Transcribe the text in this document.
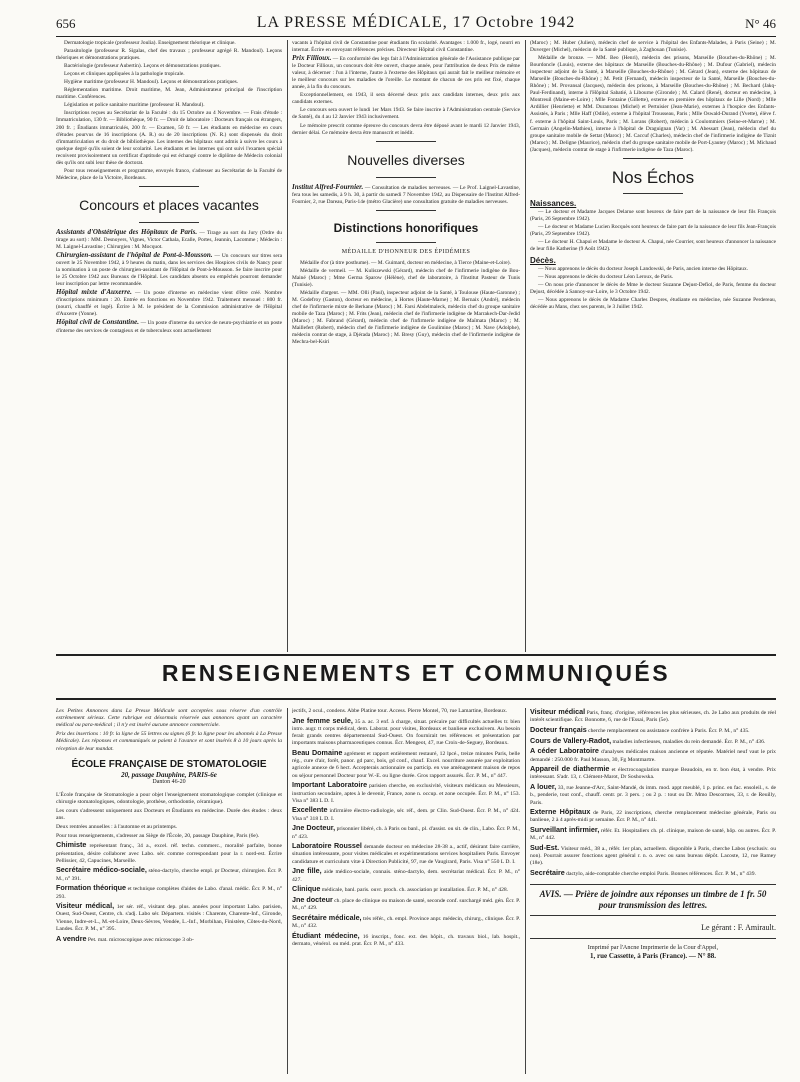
656	LA PRESSE MÉDICALE, 17 Octobre 1942	N° 46

Dermatologie tropicale (professeur Joulia). Enseignement théorique et clinique.

Parasitologie (professeur R. Sigalas, chef des travaux ; professeur agrégé R. Mandoul). Leçons théoriques et démonstrations pratiques.

Bactériologie (professeur Aubertin). Leçons et démonstrations pratiques.

Leçons et cliniques appliquées à la pathologie tropicale.

Hygiène maritime (professeur H. Mandoul). Leçons et démonstrations pratiques.

Réglementation maritime. Droit maritime, M. Jean, Administrateur principal de l'inscription maritime. Conférences.

Législation et police sanitaire maritime (professeur H. Mandoul).

Inscriptions reçues au Secrétariat de la Faculté : du 15 Octobre au 4 Novembre. — Frais d'étude : Immatriculation, 130 fr. — Bibliothèque, 90 fr. — Droit de laboratoire : Docteurs français ou étrangers, 200 fr. ; Étudiants immatriculés, 200 fr. — Examen, 50 fr. — Les étudiants en médecine en cours d'études pourvus de 16 inscriptions (A. R.) ou de 20 inscriptions (N. R.) sont dispensés du droit d'immatriculation et du droit de bibliothèque. Les internes des hôpitaux sont admis à suivre les cours à quelque degré qu'ils soient de leur scolarité. Les étudiants et les internes qui ont suivi l'examen spécial recoivent provisoirement un certificat d'aptitude qui est échangé contre le diplôme de Médecin colonial dès qu'ils ont subi leur thèse de doctorat.

Pour tous renseignements et programme, envoyés franco, s'adresser au Secrétariat de la Faculté de Médecine, place de la Victoire, Bordeaux.

Concours et places vacantes

Assistants d'Obstétrique des Hôpitaux de Paris. — Tirage au sort du Jury (Ordre du tirage au sort) : MM. Desnoyers, Vignes, Victor Cathala, Ecalle, Portes, Jeannin, Lacomme ; Médecin : M. Laignel-Lavastine ; Chirurgien : M. Mocquot.

Chirurgien-assistant de l'hôpital de Pont-à-Mousson. — Un concours sur titres sera ouvert le 25 Novembre 1942, à 9 heures du matin, dans les services des Hospices civils de Nancy pour la nomination à un poste de chirurgien-assistant de l'Hôpital de Pont-à-Mousson. Se faire inscrire pour le 25 Octobre 1942 aux Bureaux de l'Hôpital. Les candidats absents ou empêchés pourront demander leur inscription par lettre recommandée.

Hôpital mixte d'Auxerre. — Un poste d'interne en médecine vient d'être créé. Nombre d'inscriptions minimum : 20. Entrée en fonctions en Novembre 1942. Traitement mensuel : 800 fr. (nourri, chauffé et logé). Écrire à M. le président de la Commission administrative de l'Hôpital d'Auxerre (Yonne).

Hôpital civil de Constantine. — Un poste d'interne du service de neuro-psychiatrie et un poste d'interne des services de contagieux et de tuberculeux sont actuellement

vacants à l'hôpital civil de Constantine pour étudiants fin scolarité. Avantages : 1.000 fr., logé, nourri en internat. Écrire en envoyant références précises. Directeur Hôpital civil Constantine.

Prix Fillioux. — En conformité des legs fait à l'Administration générale de l'Assistance publique par le Docteur Fillioux, un concours doit être ouvert, chaque année, pour l'attribution de deux Prix de même valeur, à décerner : l'un à l'interne, l'autre à l'externe des Hôpitaux qui aurait fait le meilleur mémoire et le meilleur concours sur les maladies de l'oreille. Le montant de chacun de ces prix est fixé, chaque année, à la fin du concours.

Exceptionnellement, en 1943, il sera décerné deux prix aux candidats internes, deux prix aux candidats externes.

Le concours sera ouvert le lundi 1er Mars 1943. Se faire inscrire à l'Administration centrale (Service de Santé), du 4 au 12 Janvier 1943 inclusivement.

Le mémoire prescrit comme épreuve du concours devra être déposé avant le mardi 12 Janvier 1943, dernier délai. Ce mémoire devra être manuscrit et inédit.

Nouvelles diverses

Institut Alfred-Fournier. — Consultation de maladies nerveuses. — Le Prof. Laignel-Lavastine, fera tous les samedis, à 9 h. 30, à partir du samedi 7 Novembre 1942, au Dispensaire de l'Institut Alfred-Fournier, 2, rue Dareau, Paris-14e (métro Glacière) une consultation gratuite de maladies nerveuses.

Distinctions honorifiques
MÉDAILLE D'HONNEUR DES ÉPIDÉMIES

Médaille d'or (à titre posthume). — M. Guimard, docteur en médecine, à Tierce (Maine-et-Loire).

Médaille de vermeil. — M. Kuliszewski (Gérard), médecin chef de l'infirmerie indigène de Bou-Mainé (Maroc) ; Mme Germa Sparow (Hélène), chef de laboratoire, à l'Institut Pasteur de Tunis (Tunisie).

Médaille d'argent. — MM. Olli (Paul), inspecteur adjoint de la Santé, à Toulouse (Haute-Garonne) ; M. Godefroy (Gaston), docteur en médecine, à Hortes (Haute-Marne) ; M. Bernaix (André), médecin chef de l'infirmerie mixte de Berkane (Maroc) ; M. Farsi Abdelmaleck, médecin chef du groupe sanitaire mobile de Taza (Maroc) ; M. Frits (Jean), médecin chef de l'infirmerie indigène de Marrakech-Dar-Jedid (Maroc) ; M. Fabrand (Gérard), médecin chef de l'infirmerie indigène de Maïmata (Maroc) ; M. Maillefert (Robert), médecin chef de l'infirmerie indigène de Goulimine (Maroc) ; M. Nave (Adolphe), médecin contrat de stage, à Djérada (Maroc) ; M. Bresy (Guy), médecin chef de l'infirmerie indigène de Mechra-bel-Ksiri

(Maroc) ; M. Huber (Julien), médecin chef de service à l'hôpital des Enfants-Malades, à Paris (Seine) ; M. Duverger (Michel), médecin de la Santé publique, à Zaghouan (Tunisie).

Médaille de bronze. — MM. Beo (Henri), médecin des prisons, Marseille (Bouches-du-Rhône) ; M. Bourdoncle (Louis), externe des hôpitaux de Marseille (Bouches-du-Rhône) ; M. Dufour (Gabriel), médecin inspecteur adjoint de la Santé, à Marseille (Bouches-du-Rhône) ; M. Gérard (Jean), externe des hôpitaux de Marseille (Bouches-du-Rhône) ; M. Petit (Fernand), médecin inspecteur de la Santé, Marseille (Bouches-du-Rhône) ; M. Provansal (Jacques), médecin des prisons, à Marseille (Bouches-du-Rhône) ; M. Bechard (Jakq-Paul-Ferdinand), interne à l'Hôpital Sabatié, à Libourne (Gironde) ; M. Calard (René), docteur en médecine, à Montreuil (Maine-et-Loire) ; Mlle Fontaine (Gillette), externe en première des hôpitaux de Lille (Nord) ; Mlle Ardillier (Henriette) et MM. Durantous (Michel) et Pertuisier (Jean-Marie), externes à l'hospice des Enfants-Assistés, à Paris ; Mlle Haff (Odile), externe à l'hôpital Trousseau, Paris ; Mlle Oswald-Durand (Yvette), élève f. f. externe à l'hôpital Saint-Louis, Paris ; M. Lorans (Robert), médecin à Coulommiers (Seine-et-Marne) ; M. Germain (Angelin-Mathieu), interne à l'hôpital de Draguignan (Var) ; M. Abessart (Jean), médecin chef du groupe sanitaire mobile de Settat (Maroc) ; M. Caccuf (Charles), médecin chef de l'infirmerie indigène de Tiznit (Maroc) ; M. Deligne (Maurice), médecin chef du groupe sanitaire mobile de Port-Lyautey (Maroc) ; M. Michaud (Jacques), médecin contrat de stage à l'infirmerie indigène de Taza (Maroc).

Nos Échos
Naissances.

— Le docteur et Madame Jacques Delarue sont heureux de faire part de la naissance de leur fils François (Paris, 26 Septembre 1942).

— Le docteur et Madame Lucien Rocquès sont heureux de faire part de la naissance de leur fils Jean-François (Paris, 29 Septembre 1942).

— Le docteur H. Chapui et Madame le docteur A. Chapui, née Courrier, sont heureux d'annoncer la naissance de leur fille Katherine (9 Août 1942).

Décès.

— Nous apprenons le décès du docteur Joseph Landowski, de Paris, ancien interne des Hôpitaux.

— Nous apprenons le décès du docteur Léon Leroux, de Paris.

— On nous prie d'annoncer le décès de Mme le docteur Suzanne Dejust-Defiol, de Paris, femme du docteur Dejust, décédée à Sannoy-sur-Loire, le 3 Octobre 1942.

— Nous apprenons le décès de Madame Charles Despres, étudiante en médecine, née Suzanne Perdereau, décédée au Mans, chez ses parents, le 3 Juillet 1942.

RENSEIGNEMENTS ET COMMUNIQUÉS

Les Petites Annonces dans La Presse Médicale sont acceptées sous réserve d'un contrôle extrêmement sérieux. Cette rubrique est désormais réservée aux annonces ayant un caractère médical ou para-médical ; il n'y est inséré aucune annonce commerciale.

Prix des insertions : 10 fr. la ligne de 55 lettres ou signes (6 fr. la ligne pour les abonnés à La Presse Médicale). Les réponses et communiqués se paient à l'avance et sont insérés 8 à 10 jours après la réception de leur mandat.

ÉCOLE FRANÇAISE DE STOMATOLOGIE
20, passage Dauphine, PARIS-6e
Danton 46-20

L'École française de Stomatologie a pour objet l'enseignement stomatologique complet (clinique et chirurgie stomatologiques, odontologie, prothèse, orthodontie, céramique).

Les cours s'adressent uniquement aux Docteurs et Étudiants en médecine. Durée des études : deux ans.

Deux rentrées annuelles : à l'automne et au printemps.

Pour tous renseignements, s'adresser au Siège de l'École, 20, passage Dauphine, Paris (6e).

Chimiste représentant franç., 34 a., excel. réf. techn. commerc., moralité parfaite, bonne présentation, désire collaborer avec Labo. sér. comme correspondant pour la r. nord-est. Écrire Pellissier, 42, Capucines, Marseille.

Secrétaire médico-sociale, sténo-dactylo, cherche empl. pr Docteur, chirurgien. Écr. P. M., n° 391.

Formation théorique et technique complètes d'aides de Labo. d'anal. médic. Écr. P. M., n° 293.

Visiteur médical, 1er sér. réf., visitant dep. plus. années pour important Labo. parisien, Ouest, Sud-Ouest, Centre, ch. s'adj. Labo sér. Départem. visités : Charente, Charente-Inf., Gironde, Vienne, Indre-et-L., M.-et-Loire, Deux-Sèvres, Vendée, L.-Inf., Morbihan, Finistère, Côtes-du-Nord, Landes. Écr. P. M., n° 395.

A vendre Pet. mat. microscopique avec microscope 3 ob-

jectifs, 2 ocul., condens. Abbe Platine tour. Access. Pierre Montel, 70, rue Lamartine, Bordeaux.

Jne femme seule, 35 a. ac. 3 enf. à charge, situat. précaire par difficultés actuelles tr. bien intro. augr. tt corps médical, dem. Laborat. pour visites, Bordeaux et banlieue exclusivem. Au besoin ferait grands centres départemental Sud-Ouest. On fournirait tes références et présentation par importants maisons pharmaceutiques connus. Écr. Mengeot, 47, rue Croix-de-Seguey, Bordeaux.

Beau Domaine agrément et rapport entièrement restauré, 12 lpcé., treize minutes Paris, belle rég., cure d'air, forêt, panor. gd parc, bois, gd conf., chauf. Excel. nourriture assurée par exploitation agricole annexe de 6 hect. Accepterais actionnaire ou particip. en vue aménagement maison de repos ou séjour personnel Docteur pour W.-E. ou ligne durée. Gros rapport assurés. Écr. P. M., n° 447.

Important Laboratoire parisien cherche, en exclusivité, visiteurs médicaux ou Messieurs, instruction secondaire, aptes à le devenir, France, zone n. occup. et zone occupée. Écr. P. M., n° 153. Visa n° 383 L D. I.

Excellente infirmière électro-radiologie, sér. réf., dem. pr Clin. Sud-Ouest. Écr. P. M., n° 424. Visa n° 318 L D. I.

Jne Docteur, prisonnier libéré, ch. à Paris ou banl., pl. d'assist. ou sit. de clin., Labo. Écr. P. M., n° 423.

Laboratoire Roussel demande docteur en médecine 28-38 a., actif, désirant faire carrière, situation intéressante, pour visites médicales et expérimentations services hospitaliers Paris. Envoyer candidature et curriculum vitæ à Direction Publicité, 97, rue de Vaugirard, Paris. Visa n° 550 L D. I.

Jne fille, aide médico-sociale, connais. sténo-dactylo, dem. secrétariat médical. Écr. P. M., n° 427.

Clinique médicale, banl. paris. ouvr. proch. ch. association pr installation. Écr. P. M., n° 428.

Jne docteur ch. place de clinique ou maison de santé, seconde conf. surchargé méd. gén. Écr. P. M., n° 429.

Secrétaire médicale, très référ., ch. empl. Province anpr. médecin, chirurg., clinique. Écr. P. M., n° 432.

Étudiant médecine, 16 inscript., fonc. ext. des hôpit., ch. travaux biol., lab. hospit., dermato, vénérol. ou méd. prat. Écr. P. M., n° 433.

Visiteur médical Paris, franç. d'origine, références les plus sérieuses, ch. 2e Labo aux produits de réel intérêt scientifique. Écr. Bonnotte, 6, rue de l'Essai, Paris (5e).

Docteur français cherche remplacement ou assistance confrère à Paris. Écr. P. M., n° 435.

Cours de Vallery-Radot, maladies infectieuses, maladies du rein demandé. Écr. P. M., n° 436.

A céder Laboratoire d'analyses médicales maison ancienne et réputée. Matériel neuf vaut le prix demandé : 250.000 fr. Paul Masson, 30, Fg Montmartre.

Appareil de diathermie et électrocoagulation marque Beaudoin, en tr. bon état, à vendre. Prix intéressant. S'adr. 13, r. Clément-Marot, Dr Soshowska.

A louer, 33, rue Jeanne-d'Arc, Saint-Mandé, ds imm. mod. appt meublé, 1 p. princ. en fac. ensoleil., s. de b., penderie, tout conf., chauff. centr. pr. 3 pers. ; ou 2 p. : tout ou Dr. Mmo Descormes, 33, r. de Reuilly, Paris.

Externe Hôpitaux de Paris, 22 inscriptions, cherche remplacement médecine générale, Paris ou banlieue, 2 à 4 après-midi pr semaine. Écr. P. M., n° 441.

Surveillant infirmier, référ. Et. Hospitaliers ch. pl. clinique, maison de santé, hôp. ou autres. Écr. P. M., n° 442.

Sud-Est. Visiteur méd., 38 a., référ. 1er plan, actuellem. disponible à Paris, cherche Labos (exclusiv. ou non). Pourrait assurer fonctions agent général r. n. o. avec ou sans bureau dépôt. Lacoste, 12, rue Ramey (18e).

Secrétaire dactylo, aide-comptable cherche emploi Paris. Bonnes références. Écr. P. M., n° 439.

AVIS. — Prière de joindre aux réponses un timbre de 1 fr. 50 pour transmission des lettres.
Le gérant : F. Amirault.
Imprimé par l'Ancne Imprimerie de la Cour d'Appel,
1, rue Cassette, à Paris (France). — N° 88.
